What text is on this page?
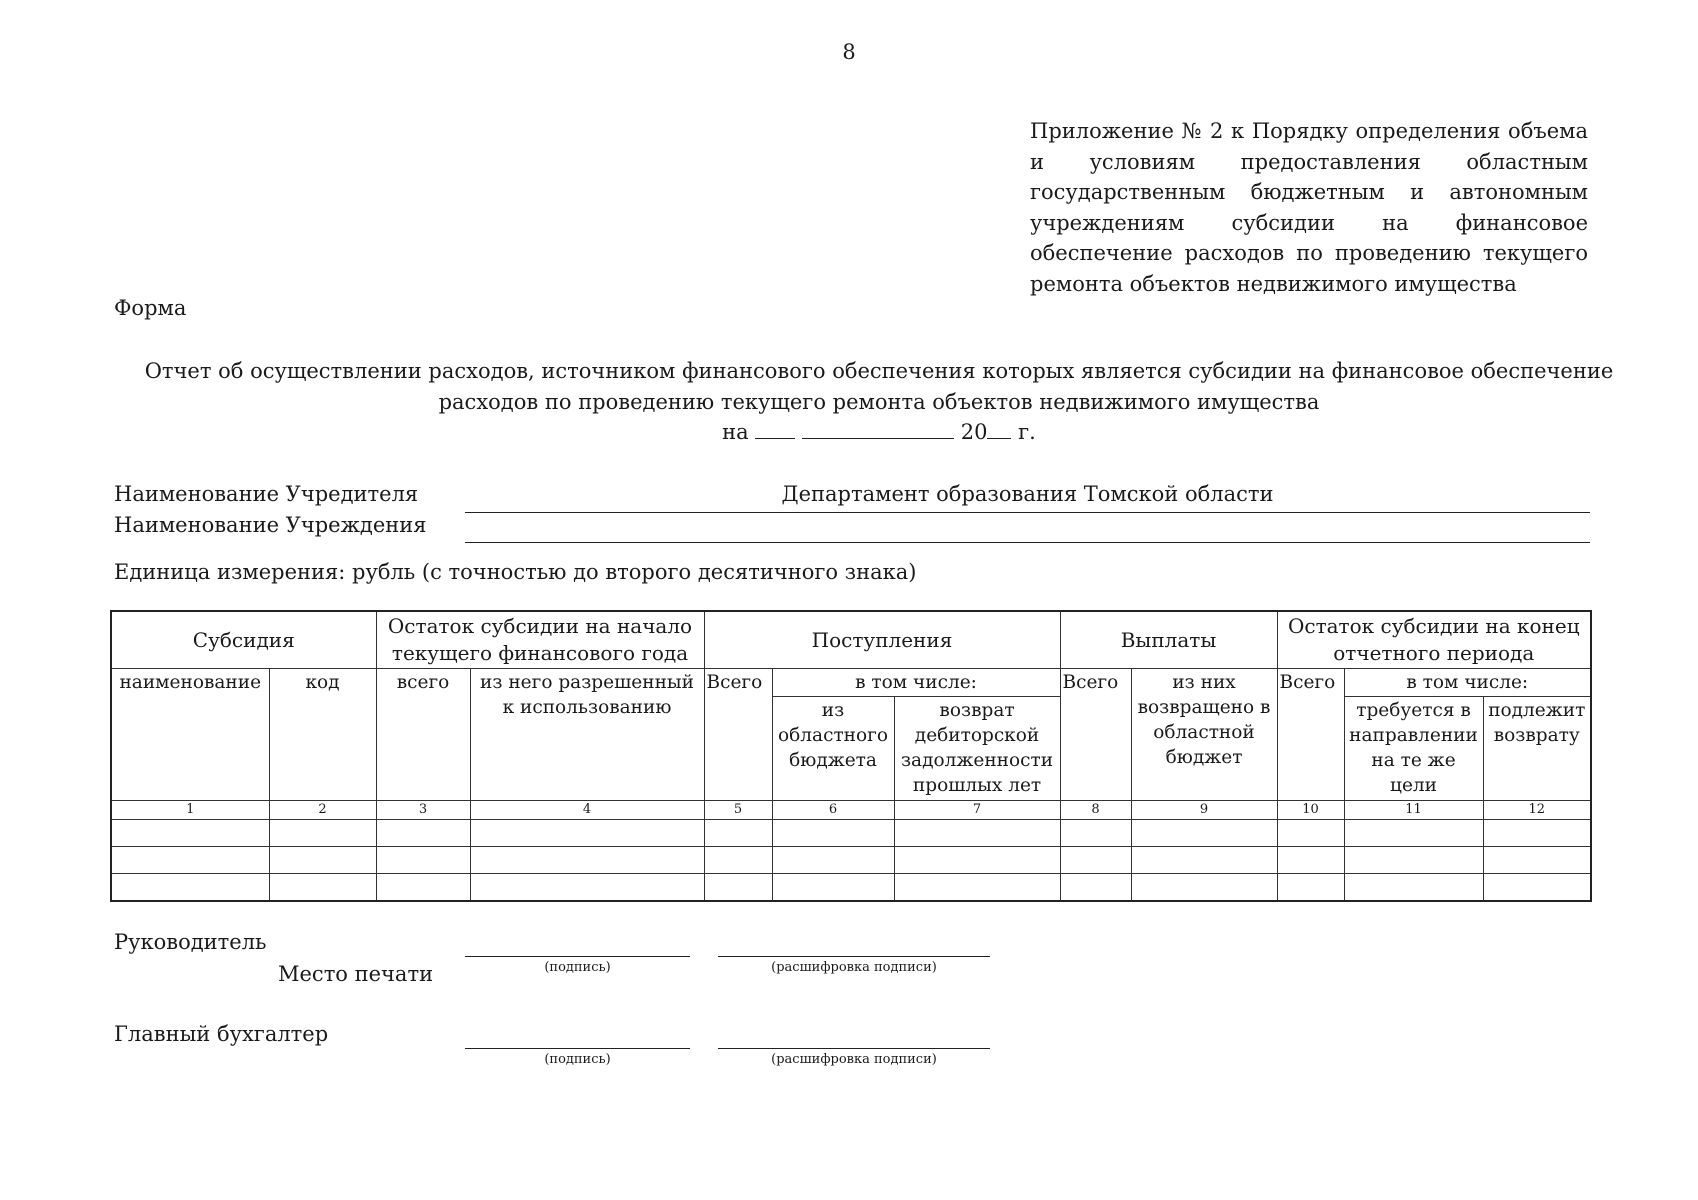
8
Приложение № 2 к Порядку определения объема и условиям предоставления областным государственным бюджетным и автономным учреждениям субсидии на финансовое обеспечение расходов по проведению текущего ремонта объектов недвижимого имущества
Форма
Отчет об осуществлении расходов, источником финансового обеспечения которых является субсидии на финансовое обеспечение
расходов по проведению текущего ремонта объектов недвижимого имущества
на	20 г.
Наименование Учредителя	Департамент образования Томской области
Наименование Учреждения
Единица измерения: рубль (с точностью до второго десятичного знака)
Субсидия		Остаток субсидии на начало текущего финансового года		Поступления			Выплаты		Остаток субсидии на конец отчетного периода		
наименование	код	всего	из него разрешенный к использованию	Всего	в том числе:		Всего	из них возвращено в областной бюджет	Всего	в том числе:	
					из областного бюджета	возврат дебиторской задолженности прошлых лет				требуется в направлении на те же цели	подлежит возврату
1	2	3	4	5	6	7	8	9	10	11	12

Руководитель
Место печати	(подпись)	(расшифровка подписи)
Главный бухгалтер
(подпись)	(расшифровка подписи)
